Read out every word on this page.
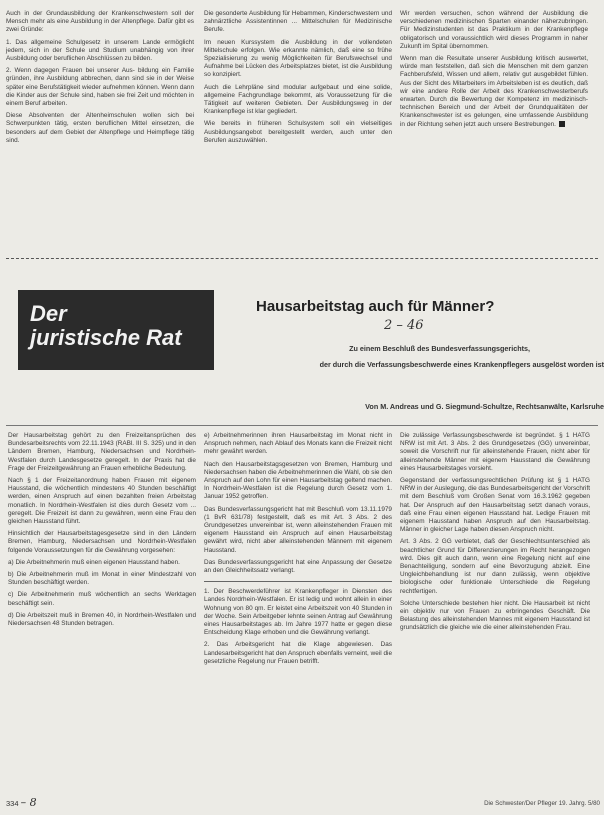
Auch in der Grundausbildung der Krankenschwestern soll der Mensch mehr als eine Ausbildung in der Altenpflege. Dafür gibt es zwei Gründe:

1. Das allgemeine Schulgesetz in unserem Lande ermöglicht jedem, sich in der Schule und Studium unabhängig von ihrer Ausbildung oder beruflichen Abschlüssen zu bilden.

2. Wenn dagegen Frauen bei unserer Aus- bildung ein Familie gründen, ihre Ausbildung abbrechen, dann sind sie in der Weise später eine Berufstätigkeit wieder aufnehmen können. Wenn dann die Kinder aus der Schule sind, haben sie frei Zeit und möchten in einem Beruf arbeiten.

Diese Absolventen der Altenheimschulen wollen sich bei Schwerpunkten tätig, ersten beruflichen Mittel einsetzen, die besonders auf dem Gebiet der Altenpflege und Heimpflege tätig sind.

Die gesonderte Ausbildung für Hebammen, Kinderschwestern und zahnärztliche Assistentinnen ... Mittelschulen für Medizinische Berufe.

Im neuen Kurssystem die Ausbildung in der vollendeten Mittelschule erfolgen. Wie erkannte nämlich, daß eine so frühe Spezialisierung zu wenig Möglichkeiten für Berufswechsel und Aufnahme bei Lücken des Arbeitsplatzes bietet, ist die Ausbildung so konzipiert.

Auch die Lehrpläne sind modular aufgebaut und eine solide, allgemeine Fachgrundlage bekommt, als Voraussetzung für die Tätigkeit auf weiteren Gebieten. Der Ausbildungsweg in der Krankenpflege ist klar gegliedert.

Wie bereits in früheren Schulsystem soll ein vielseitiges Ausbildungsangebot bereitgestellt werden, auch unter den Berufen auszuwählen.

Wir werden versuchen, schon während der Ausbildung die verschiedenen medizinischen Sparten einander näherzubringen. Für Medizinstudenten ist das Praktikum in der Krankenpflege obligatorisch und voraussichtlich wird dieses Programm in naher Zukunft im Spital übernommen.

Wenn man die Resultate unserer Ausbildung kritisch auswertet, würde man feststellen, daß sich die Menschen mit dem ganzen Fachberufsfeld, Wissen und allem, relativ gut ausgebildet fühlen. Aus der Sicht des Mitarbeiters im Arbeitsleben ist es deutlich, daß wir eine andere Rolle der Arbeit des Krankenschwesterberufs erwarten. Durch die Bewertung der Kompetenz im medizinisch-technischen Bereich und der Arbeit der Grundqualitäten der Krankenschwester ist es gelungen, eine umfassende Ausbildung in der Richtung sehen jetzt auch unsere Bestrebungen.

Der
juristische Rat
Hausarbeitstag auch für Männer?
2 – 46
Zu einem Beschluß des Bundesverfassungsgerichts,
der durch die Verfassungsbeschwerde eines Krankenpflegers ausgelöst worden ist
Von M. Andreas und G. Siegmund-Schultze, Rechtsanwälte, Karlsruhe

Der Hausarbeitstag gehört zu den Freizeitansprüchen des Bundesarbeitsrechts vom 22.11.1943 (RABl. III S. 325) und in den Ländern Bremen, Hamburg, Niedersachsen und Nordrhein-Westfalen durch Landesgesetze geregelt. In der Praxis hat die Frage der Freizeitgewährung an Frauen erhebliche Bedeutung.

Nach § 1 der Freizeitanordnung haben Frauen mit eigenem Hausstand, die wöchentlich mindestens 40 Stunden beschäftigt werden, einen Anspruch auf einen bezahlten freien Arbeitstag monatlich. In Nordrhein-Westfalen ist dies durch Gesetz vom ... geregelt. Die Freizeit ist dann zu gewähren, wenn eine Frau den gleichen Hausstand führt.

Hinsichtlich der Hausarbeitstagesgesetze sind in den Ländern Bremen, Hamburg, Niedersachsen und Nordrhein-Westfalen folgende Voraussetzungen für die Gewährung vorgesehen:

a) Die Arbeitnehmerin muß einen eigenen Hausstand haben.

b) Die Arbeitnehmerin muß im Monat in einer Mindestzahl von Stunden beschäftigt werden.

c) Die Arbeitnehmerin muß wöchentlich an sechs Werktagen beschäftigt sein.

d) Die Arbeitszeit muß in Bremen 40, in Nordrhein-Westfalen und Niedersachsen 48 Stunden betragen.

e) Arbeitnehmerinnen ihren Hausarbeitstag im Monat nicht in Anspruch nehmen, nach Ablauf des Monats kann die Freizeit nicht mehr gewährt werden.

Nach den Hausarbeitstagsgesetzen von Bremen, Hamburg und Niedersachsen haben die Arbeitnehmerinnen die Wahl, ob sie den Anspruch auf den Lohn für einen Hausarbeitstag geltend machen. In Nordrhein-Westfalen ist die Regelung durch Gesetz vom 1. Januar 1952 getroffen.

Das Bundesverfassungsgericht hat mit Beschluß vom 13.11.1979 (1 BvR 631/78) festgestellt, daß es mit Art. 3 Abs. 2 des Grundgesetzes unvereinbar ist, wenn alleinstehenden Frauen mit eigenem Hausstand ein Anspruch auf einen Hausarbeitstag gewährt wird, nicht aber alleinstehenden Männern mit eigenem Hausstand.

Das Bundesverfassungsgericht hat eine Anpassung der Gesetze an den Gleichheitssatz verlangt.

1. Der Beschwerdeführer ist Krankenpfleger in Diensten des Landes Nordrhein-Westfalen. Er ist ledig und wohnt allein in einer Wohnung von 80 qm. Er leistet eine Arbeitszeit von 40 Stunden in der Woche. Sein Arbeitgeber lehnte seinen Antrag auf Gewährung eines Hausarbeitstages ab. Im Jahre 1977 hatte er gegen diese Entscheidung Klage erhoben und die Gewährung verlangt.

2. Das Arbeitsgericht hat die Klage abgewiesen. Das Landesarbeitsgericht hat den Anspruch ebenfalls verneint, weil die gesetzliche Regelung nur Frauen betrifft.

Die zulässige Verfassungsbeschwerde ist begründet. § 1 HATG NRW ist mit Art. 3 Abs. 2 des Grundgesetzes (GG) unvereinbar, soweit die Vorschrift nur für alleinstehende Frauen, nicht aber für alleinstehende Männer mit eigenem Hausstand die Gewährung eines Hausarbeitstages vorsieht.

Gegenstand der verfassungsrechtlichen Prüfung ist § 1 HATG NRW in der Auslegung, die das Bundesarbeitsgericht der Vorschrift mit dem Beschluß vom Großen Senat vom 16.3.1962 gegeben hat. Der Anspruch auf den Hausarbeitstag setzt danach voraus, daß eine Frau einen eigenen Hausstand hat. Ledige Frauen mit eigenem Hausstand haben Anspruch auf den Hausarbeitstag. Männer in gleicher Lage haben diesen Anspruch nicht.

Art. 3 Abs. 2 GG verbietet, daß der Geschlechtsunterschied als beachtlicher Grund für Differenzierungen im Recht herangezogen wird. Dies gilt auch dann, wenn eine Regelung nicht auf eine Benachteiligung, sondern auf eine Bevorzugung abzielt. Eine Ungleichbehandlung ist nur dann zulässig, wenn objektive biologische oder funktionale Unterschiede die Regelung rechtfertigen.

Solche Unterschiede bestehen hier nicht. Die Hausarbeit ist nicht ein objektiv nur von Frauen zu erbringendes Geschäft. Die Belastung des alleinstehenden Mannes mit eigenem Hausstand ist grundsätzlich die gleiche wie die einer alleinstehenden Frau.

334 – 8	Die Schwester/Der Pfleger 19. Jahrg. 5/80
